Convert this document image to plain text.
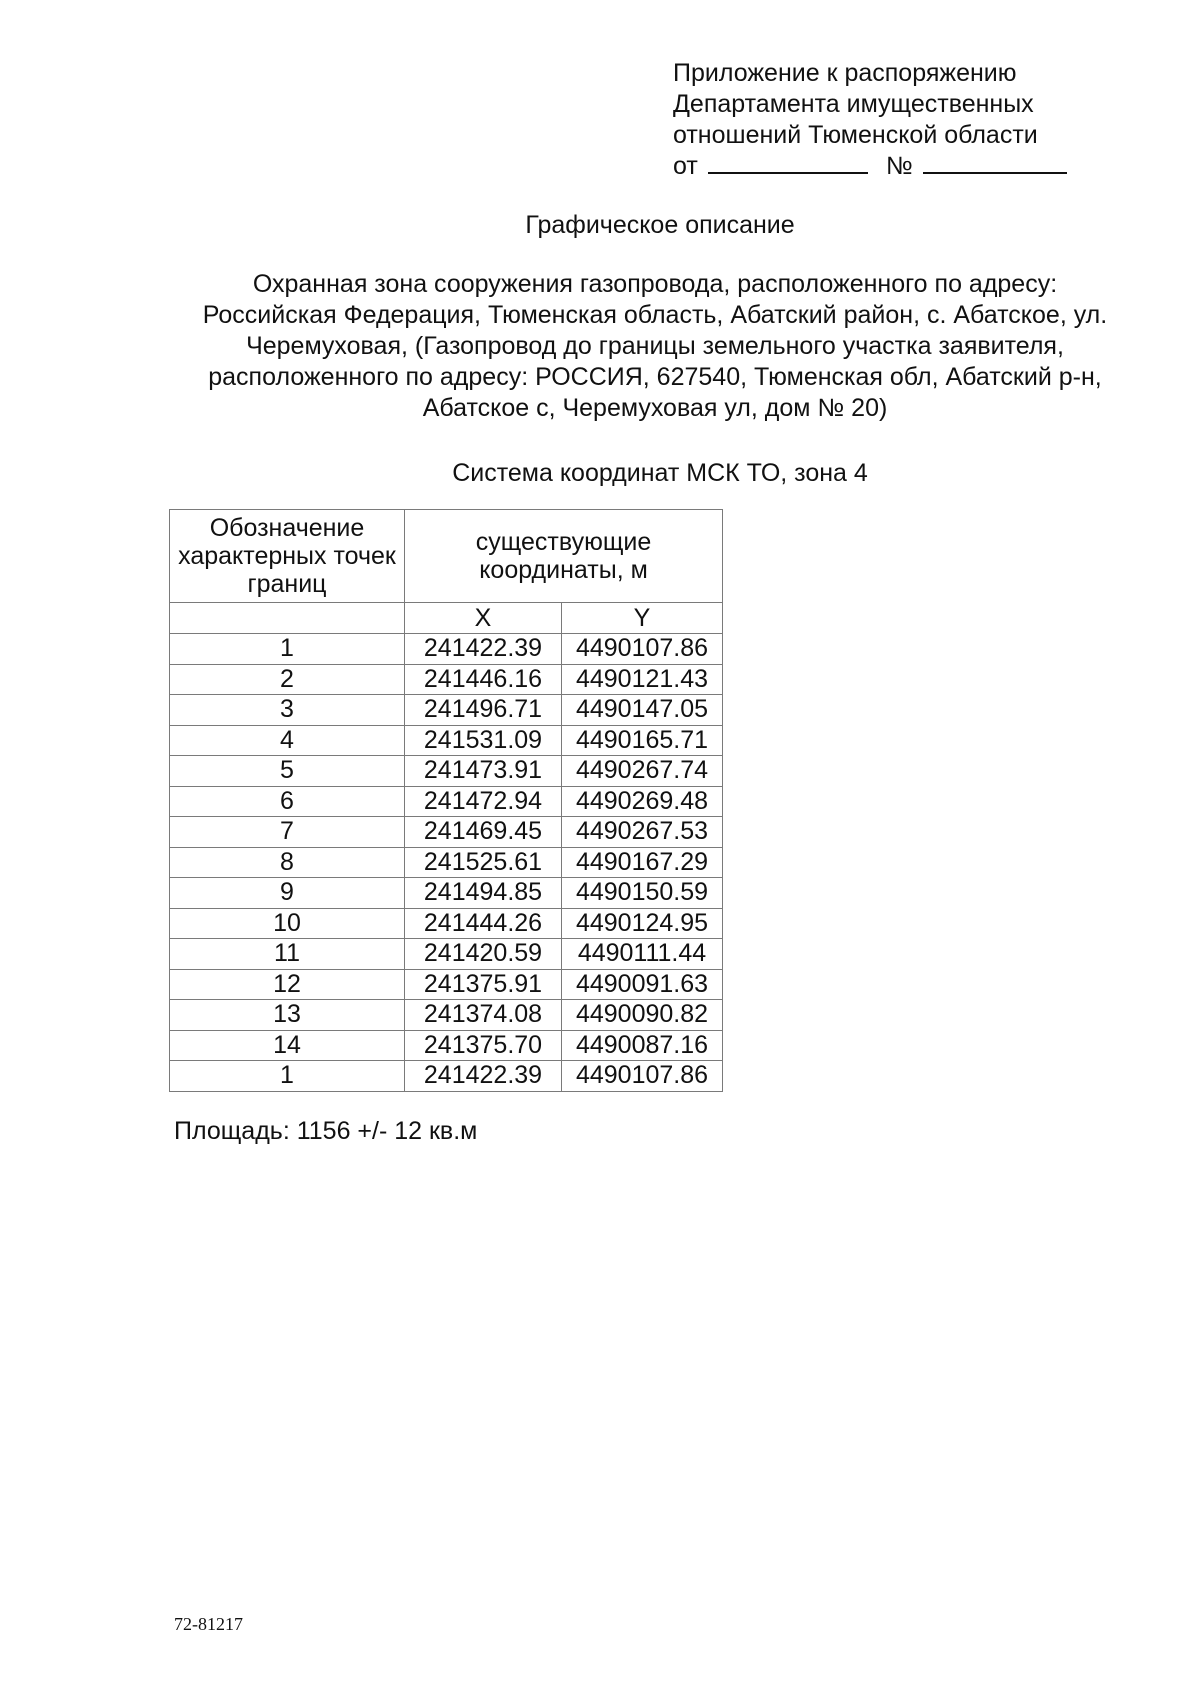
Приложение к распоряжению
Департамента имущественных
отношений Тюменской области
от	№
Графическое описание
Охранная зона сооружения газопровода, расположенного по адресу:
Российская Федерация, Тюменская область, Абатский район, с. Абатское, ул.
Черемуховая, (Газопровод до границы земельного участка заявителя,
расположенного по адресу: РОССИЯ, 627540, Тюменская обл, Абатский р-н,
Абатское с, Черемуховая ул, дом № 20)
Система координат МСК ТО, зона 4
Обозначение характерных точек границ	существующие координаты, м	
	X	Y
1	241422.39	4490107.86
2	241446.16	4490121.43
3	241496.71	4490147.05
4	241531.09	4490165.71
5	241473.91	4490267.74
6	241472.94	4490269.48
7	241469.45	4490267.53
8	241525.61	4490167.29
9	241494.85	4490150.59
10	241444.26	4490124.95
11	241420.59	4490111.44
12	241375.91	4490091.63
13	241374.08	4490090.82
14	241375.70	4490087.16
1	241422.39	4490107.86
Площадь: 1156 +/- 12 кв.м
72-81217
